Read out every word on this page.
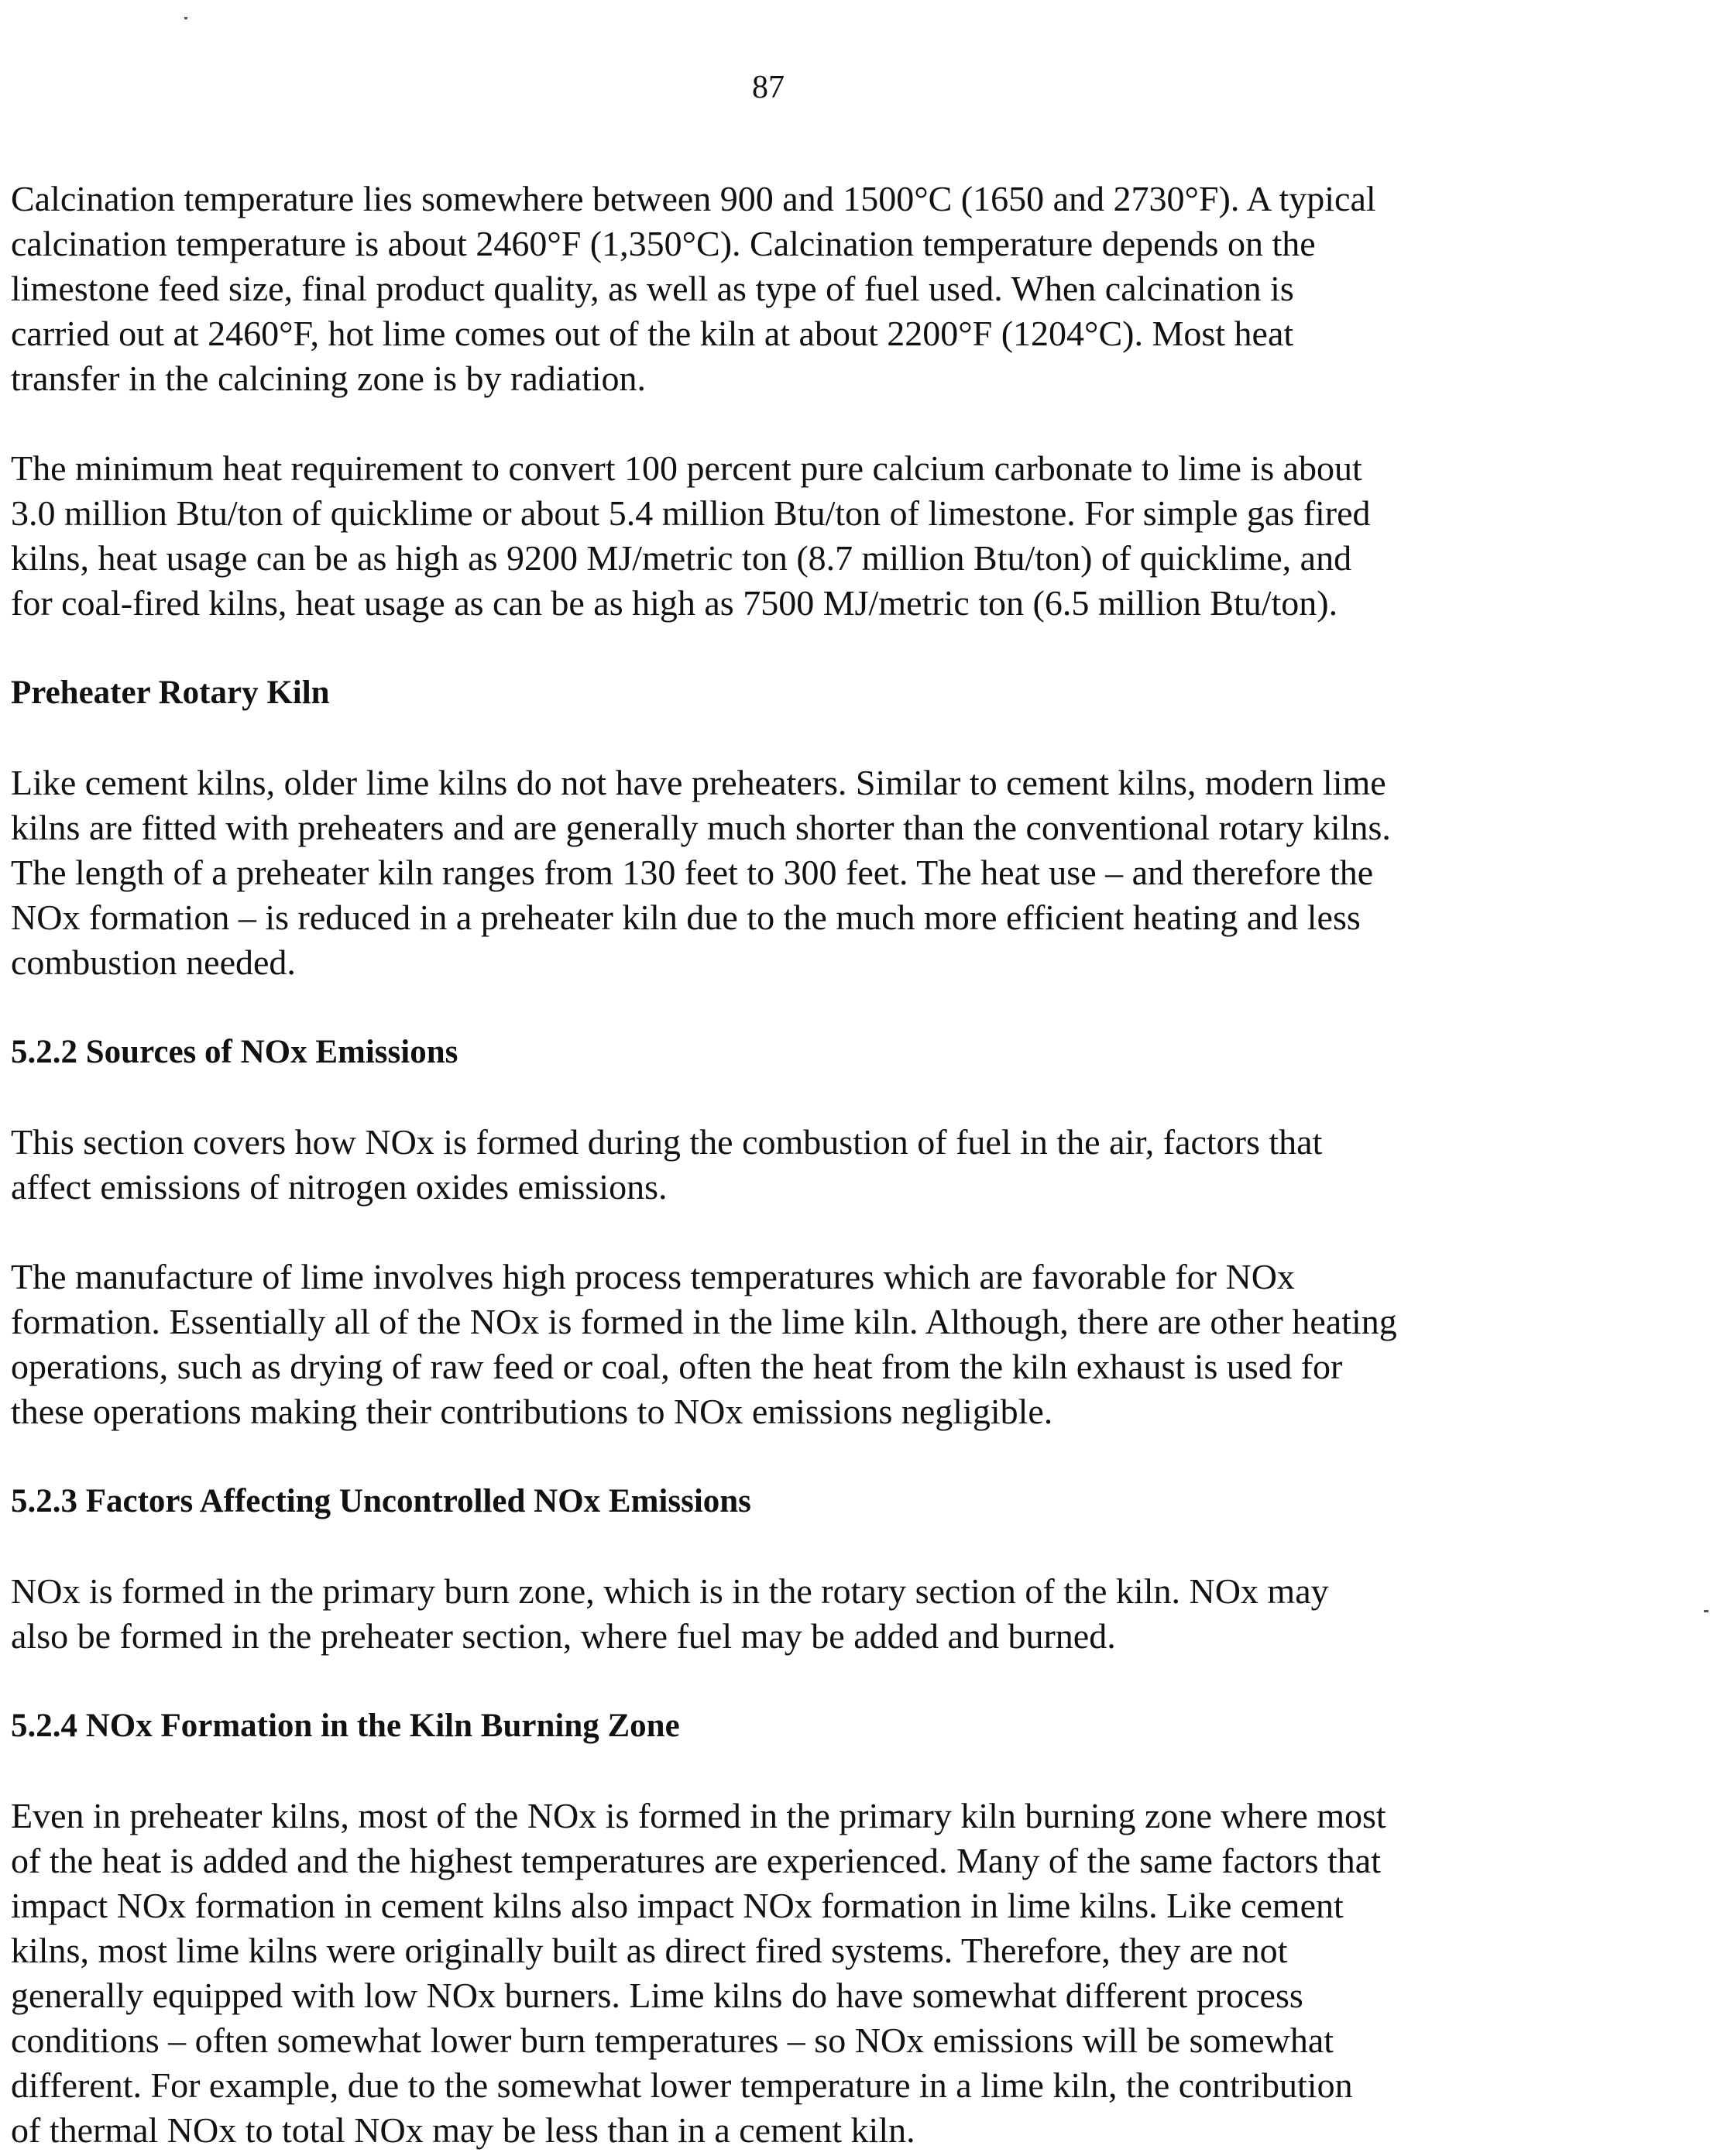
87

Calcination temperature lies somewhere between 900 and 1500°C (1650 and 2730°F). A typical
calcination temperature is about 2460°F (1,350°C). Calcination temperature depends on the
limestone feed size, final product quality, as well as type of fuel used. When calcination is
carried out at 2460°F, hot lime comes out of the kiln at about 2200°F (1204°C). Most heat
transfer in the calcining zone is by radiation.

The minimum heat requirement to convert 100 percent pure calcium carbonate to lime is about
3.0 million Btu/ton of quicklime or about 5.4 million Btu/ton of limestone. For simple gas fired
kilns, heat usage can be as high as 9200 MJ/metric ton (8.7 million Btu/ton) of quicklime, and
for coal-fired kilns, heat usage as can be as high as 7500 MJ/metric ton (6.5 million Btu/ton).

Preheater Rotary Kiln

Like cement kilns, older lime kilns do not have preheaters. Similar to cement kilns, modern lime
kilns are fitted with preheaters and are generally much shorter than the conventional rotary kilns.
The length of a preheater kiln ranges from 130 feet to 300 feet. The heat use – and therefore the
NOx formation – is reduced in a preheater kiln due to the much more efficient heating and less
combustion needed.

5.2.2 Sources of NOx Emissions

This section covers how NOx is formed during the combustion of fuel in the air, factors that
affect emissions of nitrogen oxides emissions.

The manufacture of lime involves high process temperatures which are favorable for NOx
formation. Essentially all of the NOx is formed in the lime kiln. Although, there are other heating
operations, such as drying of raw feed or coal, often the heat from the kiln exhaust is used for
these operations making their contributions to NOx emissions negligible.

5.2.3 Factors Affecting Uncontrolled NOx Emissions

NOx is formed in the primary burn zone, which is in the rotary section of the kiln. NOx may
also be formed in the preheater section, where fuel may be added and burned.

5.2.4 NOx Formation in the Kiln Burning Zone

Even in preheater kilns, most of the NOx is formed in the primary kiln burning zone where most
of the heat is added and the highest temperatures are experienced. Many of the same factors that
impact NOx formation in cement kilns also impact NOx formation in lime kilns. Like cement
kilns, most lime kilns were originally built as direct fired systems. Therefore, they are not
generally equipped with low NOx burners. Lime kilns do have somewhat different process
conditions – often somewhat lower burn temperatures – so NOx emissions will be somewhat
different. For example, due to the somewhat lower temperature in a lime kiln, the contribution
of thermal NOx to total NOx may be less than in a cement kiln.
